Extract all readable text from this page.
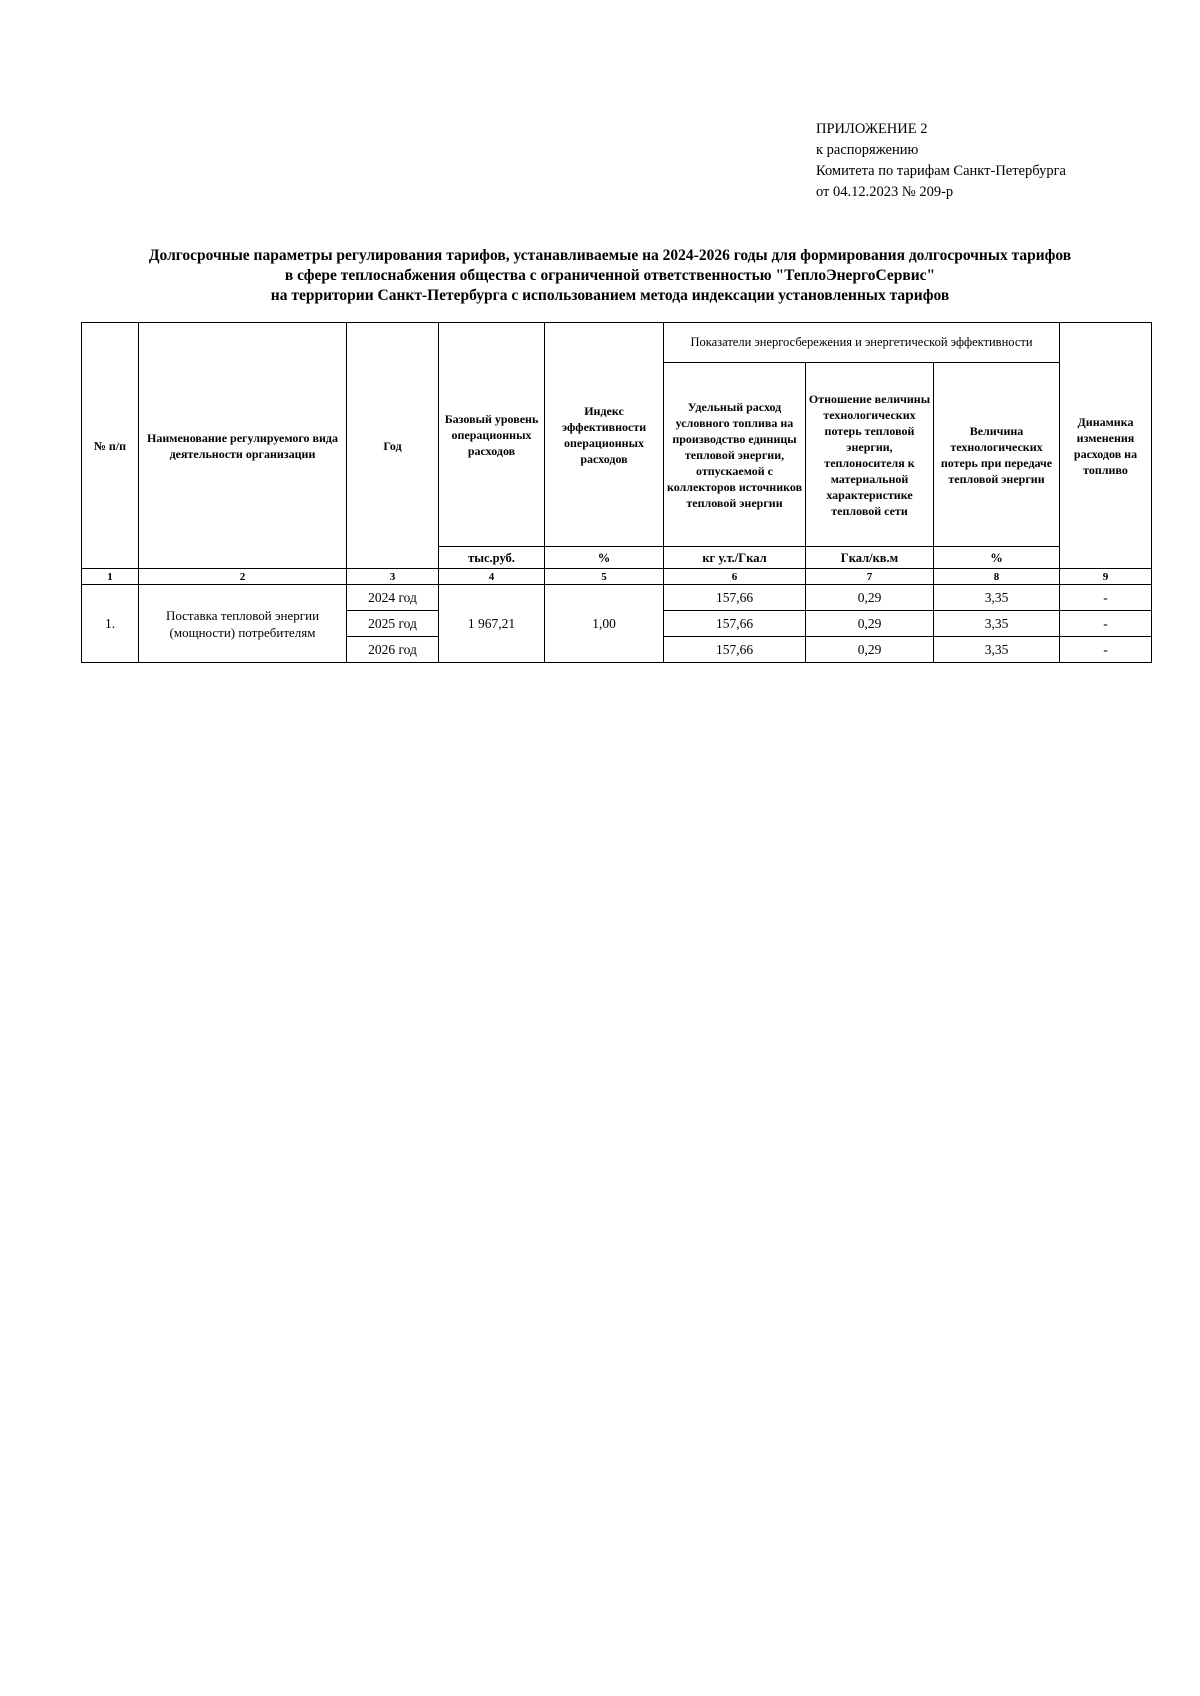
ПРИЛОЖЕНИЕ 2
к распоряжению
Комитета по тарифам Санкт-Петербурга
от 04.12.2023 № 209-р
Долгосрочные параметры регулирования тарифов, устанавливаемые на 2024-2026 годы для формирования долгосрочных тарифов
в сфере теплоснабжения общества с ограниченной ответственностью "ТеплоЭнергоСервис"
на территории Санкт-Петербурга с использованием метода индексации установленных тарифов
№ п/п	Наименование регулируемого вида деятельности организации	Год	Базовый уровень операционных расходов	Индекс эффективности операционных расходов	Показатели энергосбережения и энергетической эффективности			Динамика изменения расходов на топливо
					Удельный расход условного топлива на производство единицы тепловой энергии, отпускаемой с коллекторов источников тепловой энергии	Отношение величины технологических потерь тепловой энергии, теплоносителя к материальной характеристике тепловой сети	Величина технологических потерь при передаче тепловой энергии	
			тыс.руб.	%	кг у.т./Гкал	Гкал/кв.м	%	
1	2	3	4	5	6	7	8	9
1.	Поставка тепловой энергии (мощности) потребителям	2024 год	1 967,21	1,00	157,66	0,29	3,35	-
		2025 год			157,66	0,29	3,35	-
		2026 год			157,66	0,29	3,35	-
